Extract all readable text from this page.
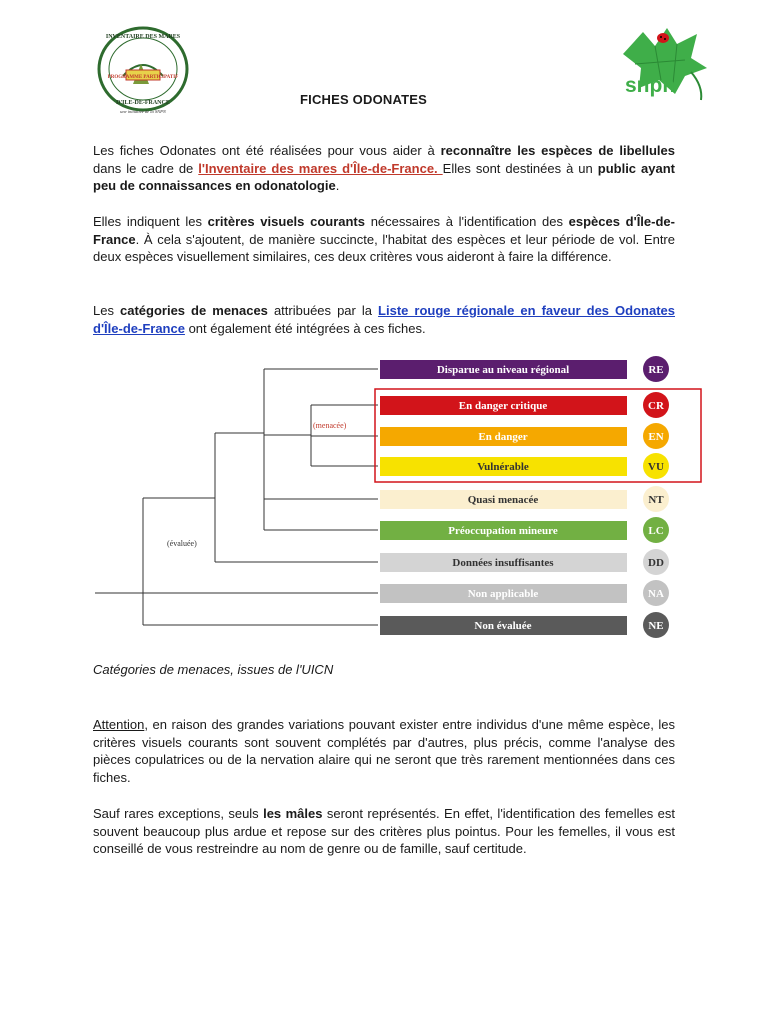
PROGRAMME PARTICIPATIF
INVENTAIRE DES MARES
D'ILE-DE-FRANCE
une initiative de la SNPN
snpn
FICHES ODONATES
Les fiches Odonates ont été réalisées pour vous aider à reconnaître les espèces de libellules dans le cadre de l'Inventaire des mares d'Île-de-France. Elles sont destinées à un public ayant peu de connaissances en odonatologie.
Elles indiquent les critères visuels courants nécessaires à l'identification des espèces d'Île-de-France. À cela s'ajoutent, de manière succincte, l'habitat des espèces et leur période de vol. Entre deux espèces visuellement similaires, ces deux critères vous aideront à faire la différence.
Les catégories de menaces attribuées par la Liste rouge régionale en faveur des Odonates d'Île-de-France ont également été intégrées à ces fiches.
(évaluée)
(menacée)
Disparue au niveau régional	RE
En danger critique	CR
En danger	EN
Vulnérable	VU
Quasi menacée	NT
Préoccupation mineure	LC
Données insuffisantes	DD
Non applicable	NA
Non évaluée	NE
Catégories de menaces, issues de l'UICN
Attention, en raison des grandes variations pouvant exister entre individus d'une même espèce, les critères visuels courants sont souvent complétés par d'autres, plus précis, comme l'analyse des pièces copulatrices ou de la nervation alaire qui ne seront que très rarement mentionnées dans ces fiches.
Sauf rares exceptions, seuls les mâles seront représentés. En effet, l'identification des femelles est souvent beaucoup plus ardue et repose sur des critères plus pointus. Pour les femelles, il vous est conseillé de vous restreindre au nom de genre ou de famille, sauf certitude.
